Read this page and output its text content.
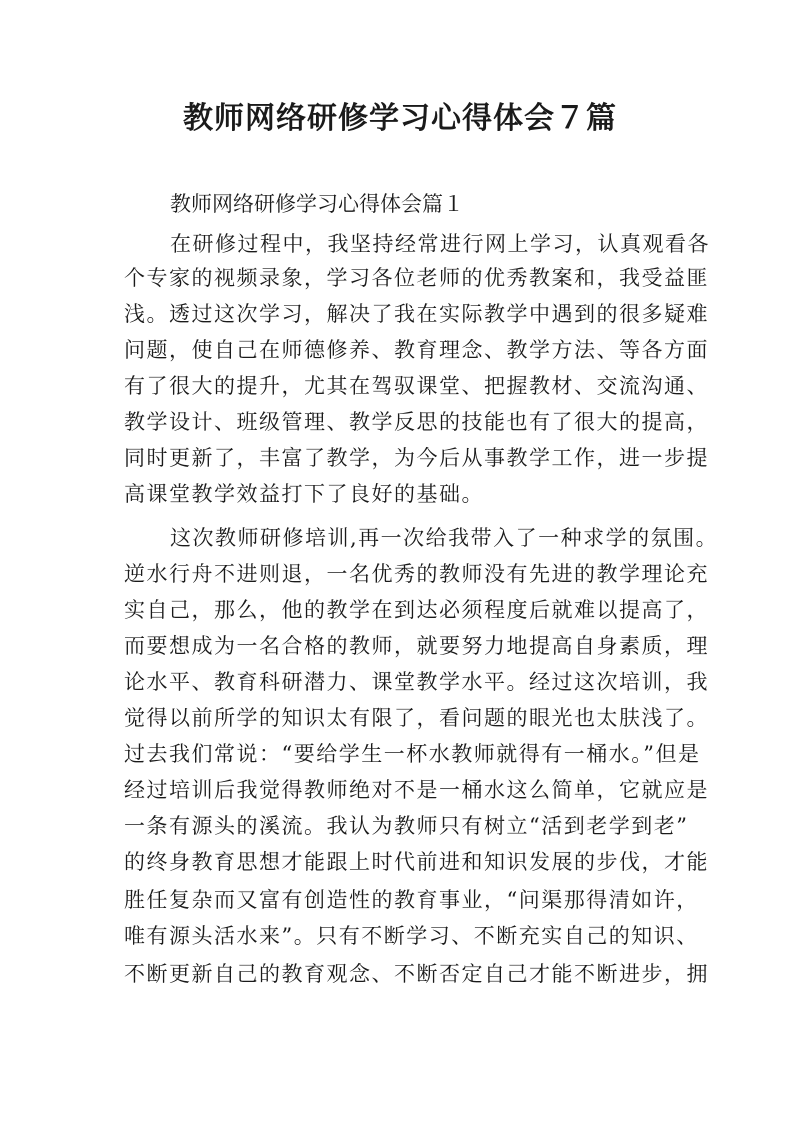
教师网络研修学习心得体会７篇
教师网络研修学习心得体会篇１
在研修过程中，我坚持经常进行网上学习，认真观看各
个专家的视频录象，学习各位老师的优秀教案和，我受益匪
浅。透过这次学习，解决了我在实际教学中遇到的很多疑难
问题，使自己在师德修养、教育理念、教学方法、等各方面
有了很大的提升，尤其在驾驭课堂、把握教材、交流沟通、
教学设计、班级管理、教学反思的技能也有了很大的提高，
同时更新了，丰富了教学，为今后从事教学工作，进一步提
高课堂教学效益打下了良好的基础。
这次教师研修培训,再一次给我带入了一种求学的氛围。
逆水行舟不进则退，一名优秀的教师没有先进的教学理论充
实自己，那么，他的教学在到达必须程度后就难以提高了，
而要想成为一名合格的教师，就要努力地提高自身素质，理
论水平、教育科研潜力、课堂教学水平。经过这次培训，我
觉得以前所学的知识太有限了，看问题的眼光也太肤浅了。
过去我们常说：“要给学生一杯水教师就得有一桶水。”但是
经过培训后我觉得教师绝对不是一桶水这么简单，它就应是
一条有源头的溪流。我认为教师只有树立“活到老学到老”
的终身教育思想才能跟上时代前进和知识发展的步伐，才能
胜任复杂而又富有创造性的教育事业，“问渠那得清如许，
唯有源头活水来”。只有不断学习、不断充实自己的知识、
不断更新自己的教育观念、不断否定自己才能不断进步，拥
